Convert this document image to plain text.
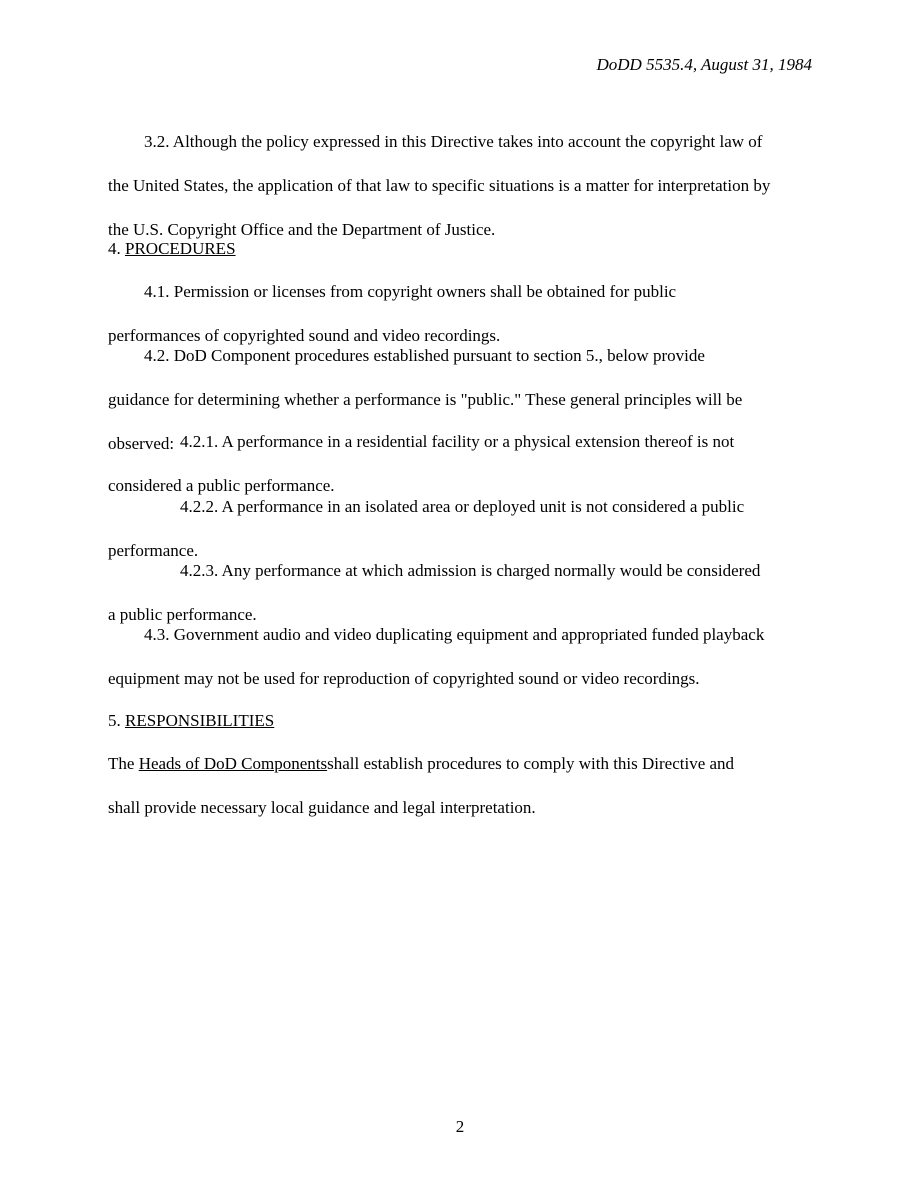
DoDD 5535.4, August 31, 1984

3.2. Although the policy expressed in this Directive takes into account the copyright law of

the United States, the application of that law to specific situations is a matter for interpretation by

the U.S. Copyright Office and the Department of Justice.

4. PROCEDURES

4.1. Permission or licenses from copyright owners shall be obtained for public

performances of copyrighted sound and video recordings.

4.2. DoD Component procedures established pursuant to section 5., below provide

guidance for determining whether a performance is "public." These general principles will be

observed: 4.2.1. A performance in a residential facility or a physical extension thereof is not

considered a public performance.

4.2.2. A performance in an isolated area or deployed unit is not considered a public

performance.

4.2.3. Any performance at which admission is charged normally would be considered

a public performance.

4.3. Government audio and video duplicating equipment and appropriated funded playback

equipment may not be used for reproduction of copyrighted sound or video recordings.

5. RESPONSIBILITIES

The Heads of DoD Componentsshall establish procedures to comply with this Directive and

shall provide necessary local guidance and legal interpretation.

2
